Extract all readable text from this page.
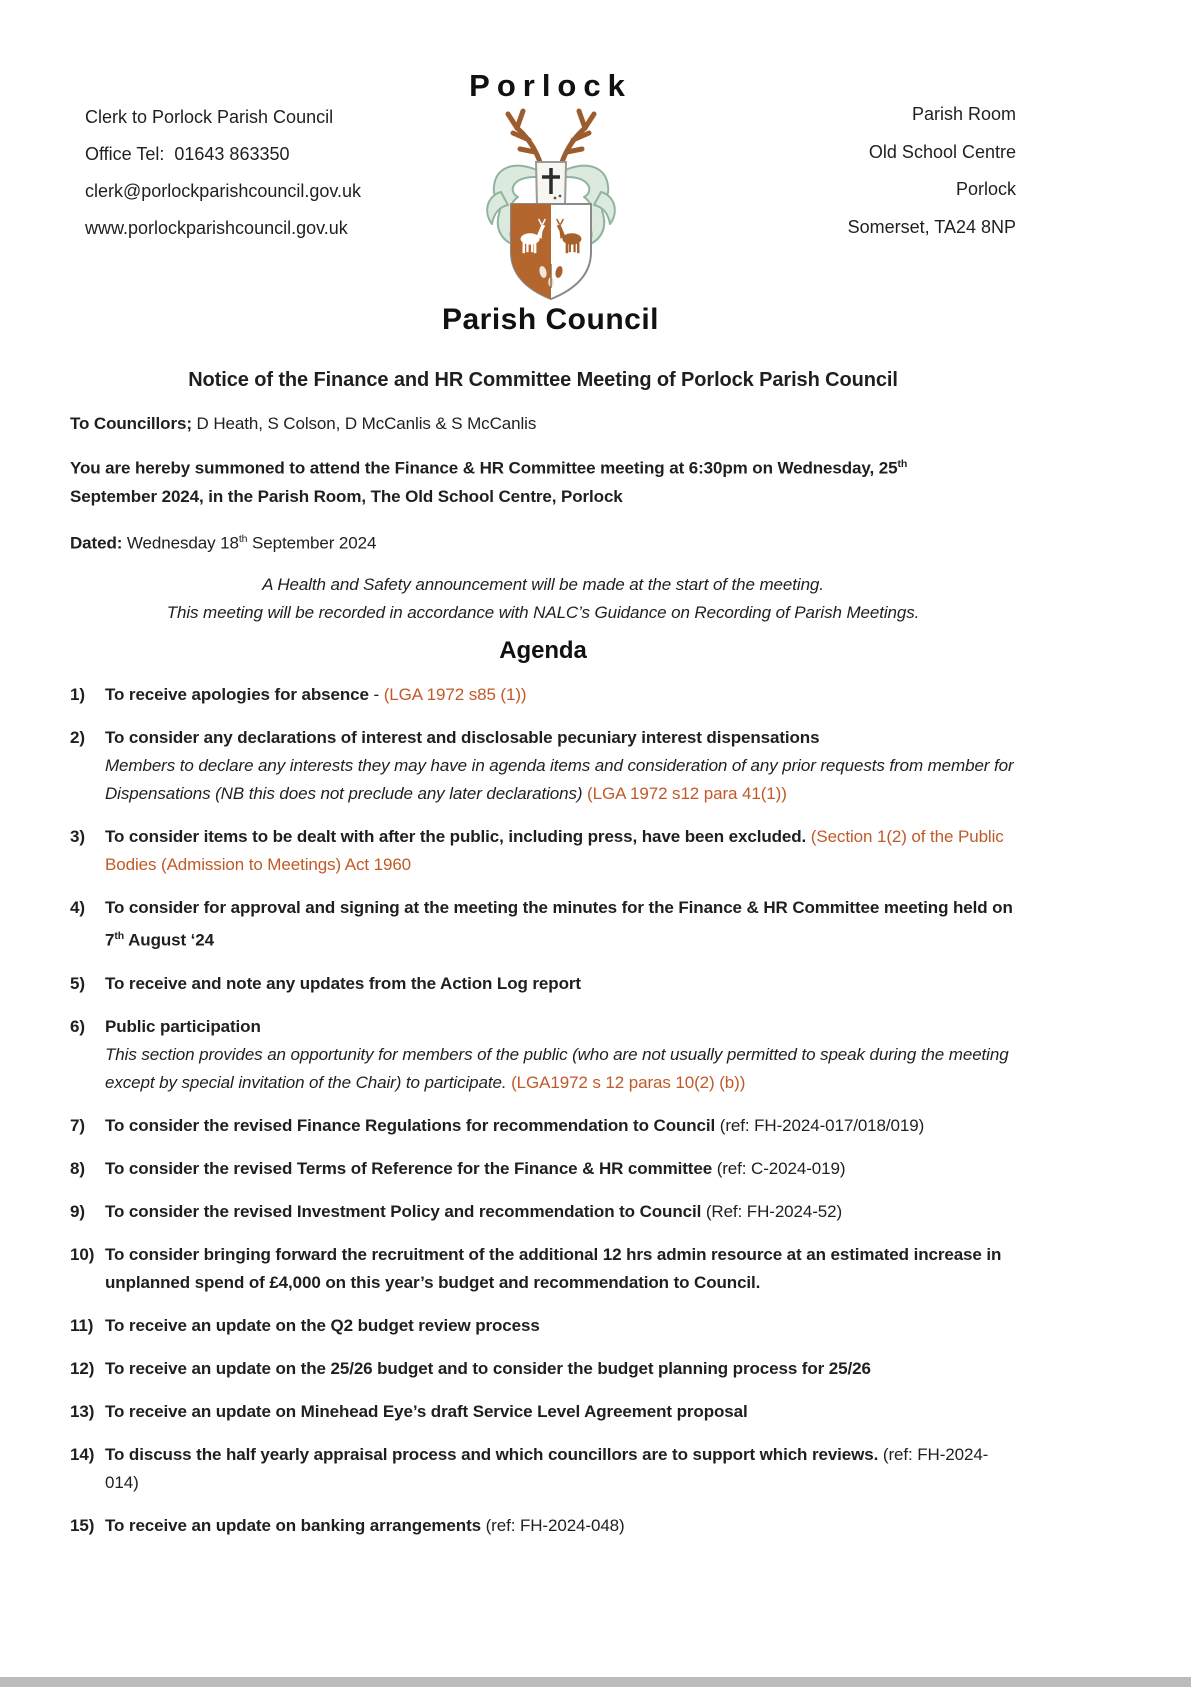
Clerk to Porlock Parish Council
Office Tel:  01643 863350
clerk@porlockparishcouncil.gov.uk
www.porlockparishcouncil.gov.uk
Parish Room
Old School Centre
Porlock
Somerset, TA24 8NP
Porlock
Parish Council
Notice of the Finance and HR Committee Meeting of Porlock Parish Council

To Councillors; D Heath, S Colson, D McCanlis & S McCanlis

You are hereby summoned to attend the Finance & HR Committee meeting at 6:30pm on Wednesday, 25th
September 2024, in the Parish Room, The Old School Centre, Porlock

Dated: Wednesday 18th September 2024

A Health and Safety announcement will be made at the start of the meeting.

This meeting will be recorded in accordance with NALC’s Guidance on Recording of Parish Meetings.

Agenda
1)	To receive apologies for absence - (LGA 1972 s85 (1))
2)	To consider any declarations of interest and disclosable pecuniary interest dispensations
Members to declare any interests they may have in agenda items and consideration of any prior requests from member for Dispensations (NB this does not preclude any later declarations) (LGA 1972 s12 para 41(1))
3)	To consider items to be dealt with after the public, including press, have been excluded. (Section 1(2) of the Public Bodies (Admission to Meetings) Act 1960
4)	To consider for approval and signing at the meeting the minutes for the Finance & HR Committee meeting held on 7th August ‘24
5)	To receive and note any updates from the Action Log report
6)	Public participation
This section provides an opportunity for members of the public (who are not usually permitted to speak during the meeting except by special invitation of the Chair) to participate. (LGA1972 s 12 paras 10(2) (b))
7)	To consider the revised Finance Regulations for recommendation to Council (ref: FH-2024-017/018/019)
8)	To consider the revised Terms of Reference for the Finance & HR committee (ref: C-2024-019)
9)	To consider the revised Investment Policy and recommendation to Council (Ref: FH-2024-52)
10) To consider bringing forward the recruitment of the additional 12 hrs admin resource at an estimated increase in unplanned spend of £4,000 on this year’s budget and recommendation to Council.
11) To receive an update on the Q2 budget review process
12) To receive an update on the 25/26 budget and to consider the budget planning process for 25/26
13) To receive an update on Minehead Eye’s draft Service Level Agreement proposal
14) To discuss the half yearly appraisal process and which councillors are to support which reviews. (ref: FH-2024-014)
15) To receive an update on banking arrangements (ref: FH-2024-048)
